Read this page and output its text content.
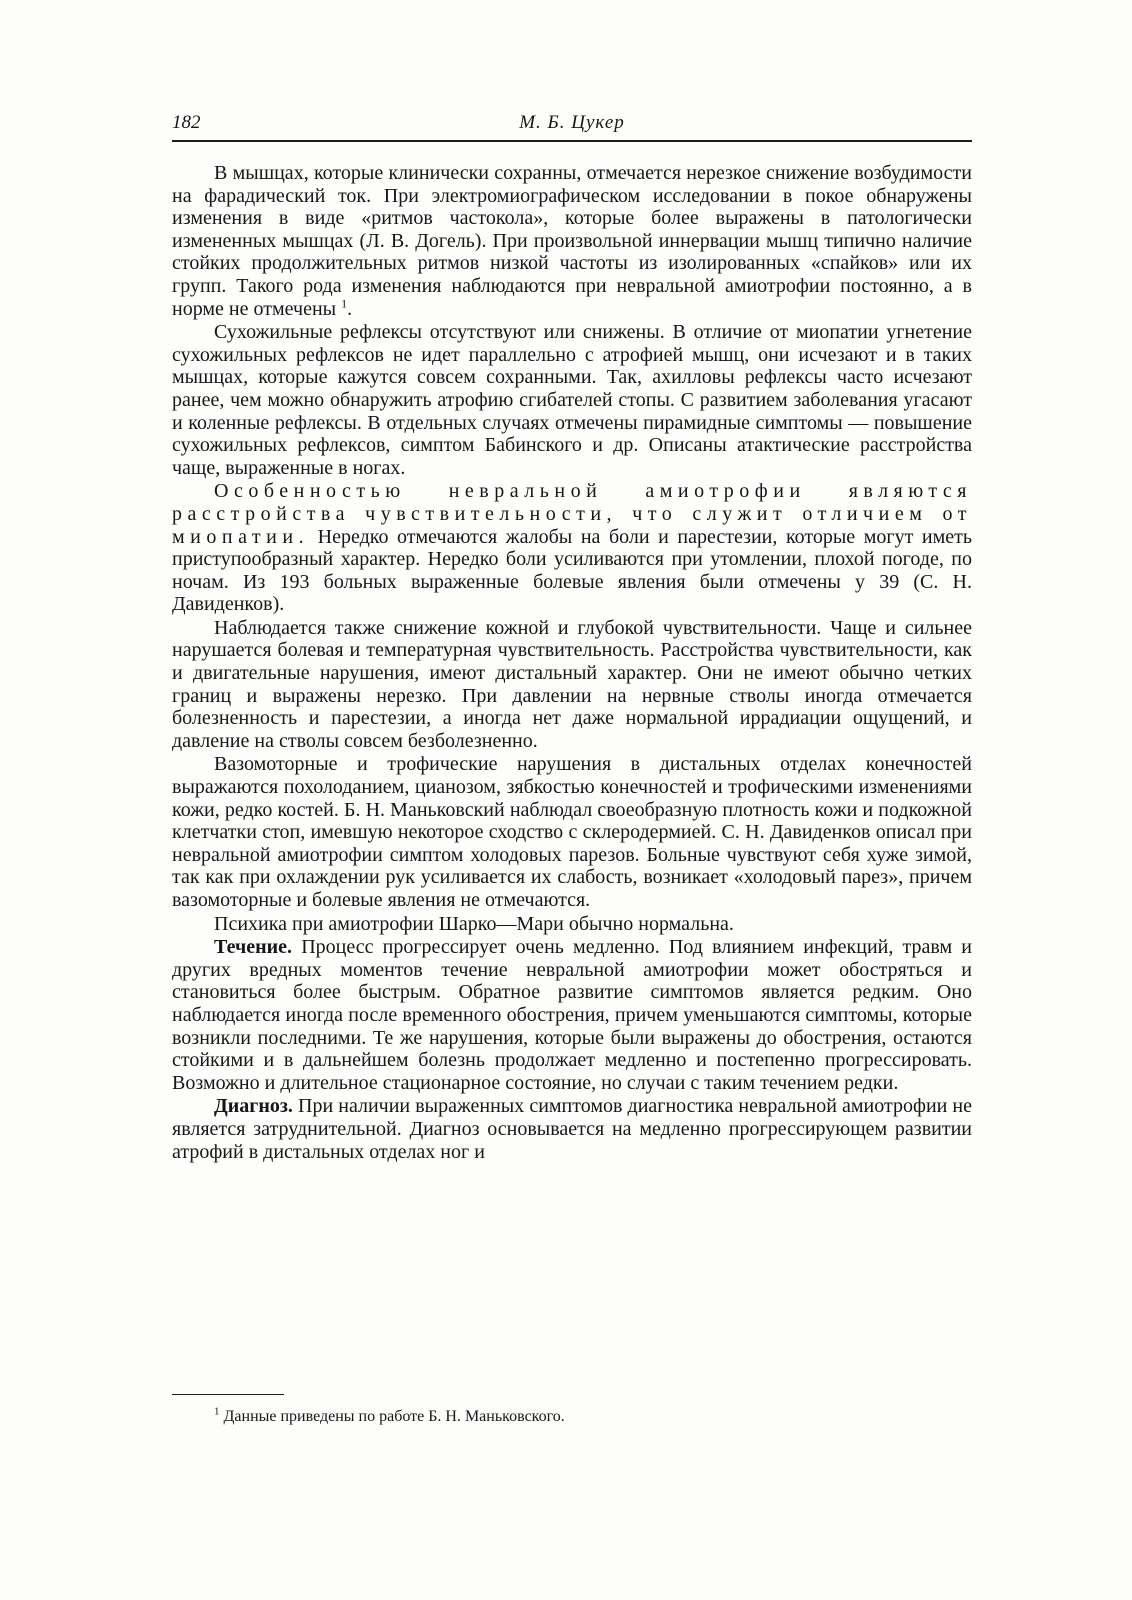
182	М. Б. Цукер

В мышцах, которые клинически сохранны, отмечается нерезкое снижение возбудимости на фарадический ток. При электромиографическом исследовании в покое обнаружены изменения в виде «ритмов частокола», которые более выражены в патологически измененных мышцах (Л. В. Догель). При произвольной иннервации мышц типично наличие стойких продолжительных ритмов низкой частоты из изолированных «спайков» или их групп. Такого рода изменения наблюдаются при невральной амиотрофии постоянно, а в норме не отмечены $^1$.

Сухожильные рефлексы отсутствуют или снижены. В отличие от миопатии угнетение сухожильных рефлексов не идет параллельно с атрофией мышц, они исчезают и в таких мышцах, которые кажутся совсем сохранными. Так, ахилловы рефлексы часто исчезают ранее, чем можно обнаружить атрофию сгибателей стопы. С развитием заболевания угасают и коленные рефлексы. В отдельных случаях отмечены пирамидные симптомы — повышение сухожильных рефлексов, симптом Бабинского и др. Описаны атактические расстройства чаще, выраженные в ногах.

Особенностью невральной амиотрофии являются расстройства чувствительности, что служит отличием от миопатии. Нередко отмечаются жалобы на боли и парестезии, которые могут иметь приступообразный характер. Нередко боли усиливаются при утомлении, плохой погоде, по ночам. Из 193 больных выраженные болевые явления были отмечены у 39 (С. Н. Давиденков).

Наблюдается также снижение кожной и глубокой чувствительности. Чаще и сильнее нарушается болевая и температурная чувствительность. Расстройства чувствительности, как и двигательные нарушения, имеют дистальный характер. Они не имеют обычно четких границ и выражены нерезко. При давлении на нервные стволы иногда отмечается болезненность и парестезии, а иногда нет даже нормальной иррадиации ощущений, и давление на стволы совсем безболезненно.

Вазомоторные и трофические нарушения в дистальных отделах конечностей выражаются похолоданием, цианозом, зябкостью конечностей и трофическими изменениями кожи, редко костей. Б. Н. Маньковский наблюдал своеобразную плотность кожи и подкожной клетчатки стоп, имевшую некоторое сходство с склеродермией. С. Н. Давиденков описал при невральной амиотрофии симптом холодовых парезов. Больные чувствуют себя хуже зимой, так как при охлаждении рук усиливается их слабость, возникает «холодовый парез», причем вазомоторные и болевые явления не отмечаются.

Психика при амиотрофии Шарко—Мари обычно нормальна.

Течение. Процесс прогрессирует очень медленно. Под влиянием инфекций, травм и других вредных моментов течение невральной амиотрофии может обостряться и становиться более быстрым. Обратное развитие симптомов является редким. Оно наблюдается иногда после временного обострения, причем уменьшаются симптомы, которые возникли последними. Те же нарушения, которые были выражены до обострения, остаются стойкими и в дальнейшем болезнь продолжает медленно и постепенно прогрессировать. Возможно и длительное стационарное состояние, но случаи с таким течением редки.

Диагноз. При наличии выраженных симптомов диагностика невральной амиотрофии не является затруднительной. Диагноз основывается на медленно прогрессирующем развитии атрофий в дистальных отделах ног и

$^1$ Данные приведены по работе Б. Н. Маньковского.
